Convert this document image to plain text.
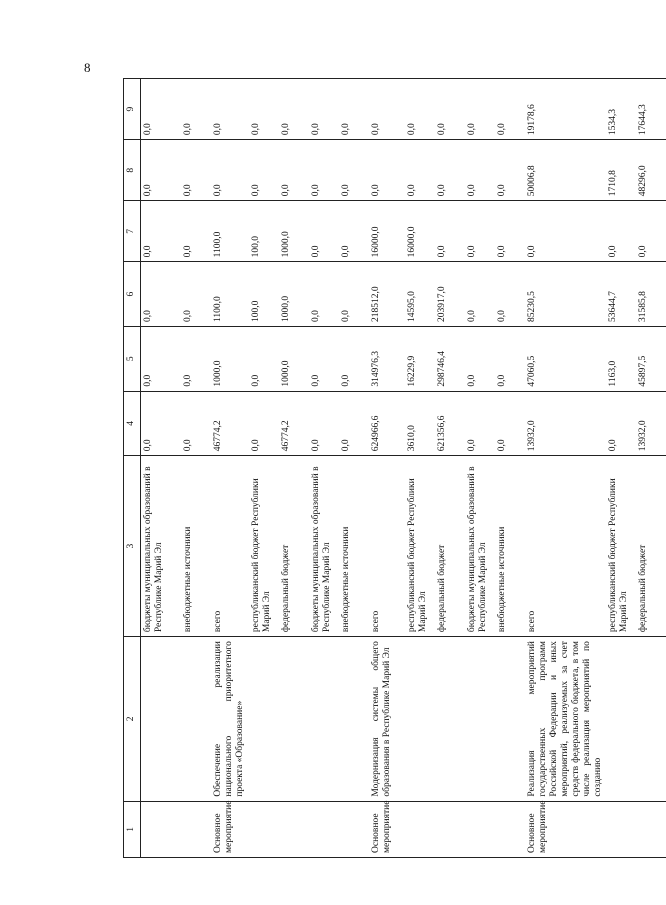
8
1	2	3	4	5	6	7	8	9
		бюджеты муниципальных образований в Республике Марий Эл	0,0	0,0	0,0	0,0	0,0	0,0
		внебюджетные источники	0,0	0,0	0,0	0,0	0,0	0,0
Основное мероприятие	Обеспечение реализации национального приоритетного проекта «Образование»	всего	46774,2	1000,0	1100,0	1100,0	0,0	0,0
		республиканский бюджет Республики Марий Эл	0,0	0,0	100,0	100,0	0,0	0,0
		федеральный бюджет	46774,2	1000,0	1000,0	1000,0	0,0	0,0
		бюджеты муниципальных образований в Республике Марий Эл	0,0	0,0	0,0	0,0	0,0	0,0
		внебюджетные источники	0,0	0,0	0,0	0,0	0,0	0,0
Основное мероприятие	Модернизация системы общего образования в Республике Марий Эл	всего	624966,6	314976,3	218512,0	16000,0	0,0	0,0
		республиканский бюджет Республики Марий Эл	3610,0	16229,9	14595,0	16000,0	0,0	0,0
		федеральный бюджет	621356,6	298746,4	203917,0	0,0	0,0	0,0
		бюджеты муниципальных образований в Республике Марий Эл	0,0	0,0	0,0	0,0	0,0	0,0
		внебюджетные источники	0,0	0,0	0,0	0,0	0,0	0,0
Основное мероприятие	Реализация мероприятий государственных программ Российской Федерации и иных мероприятий, реализуемых за счет средств федерального бюджета, в том числе реализация мероприятий по созданию	всего	13932,0	47060,5	85230,5	0,0	50006,8	19178,6
		республиканский бюджет Республики Марий Эл	0,0	1163,0	53644,7	0,0	1710,8	1534,3
		федеральный бюджет	13932,0	45897,5	31585,8	0,0	48296,0	17644,3
